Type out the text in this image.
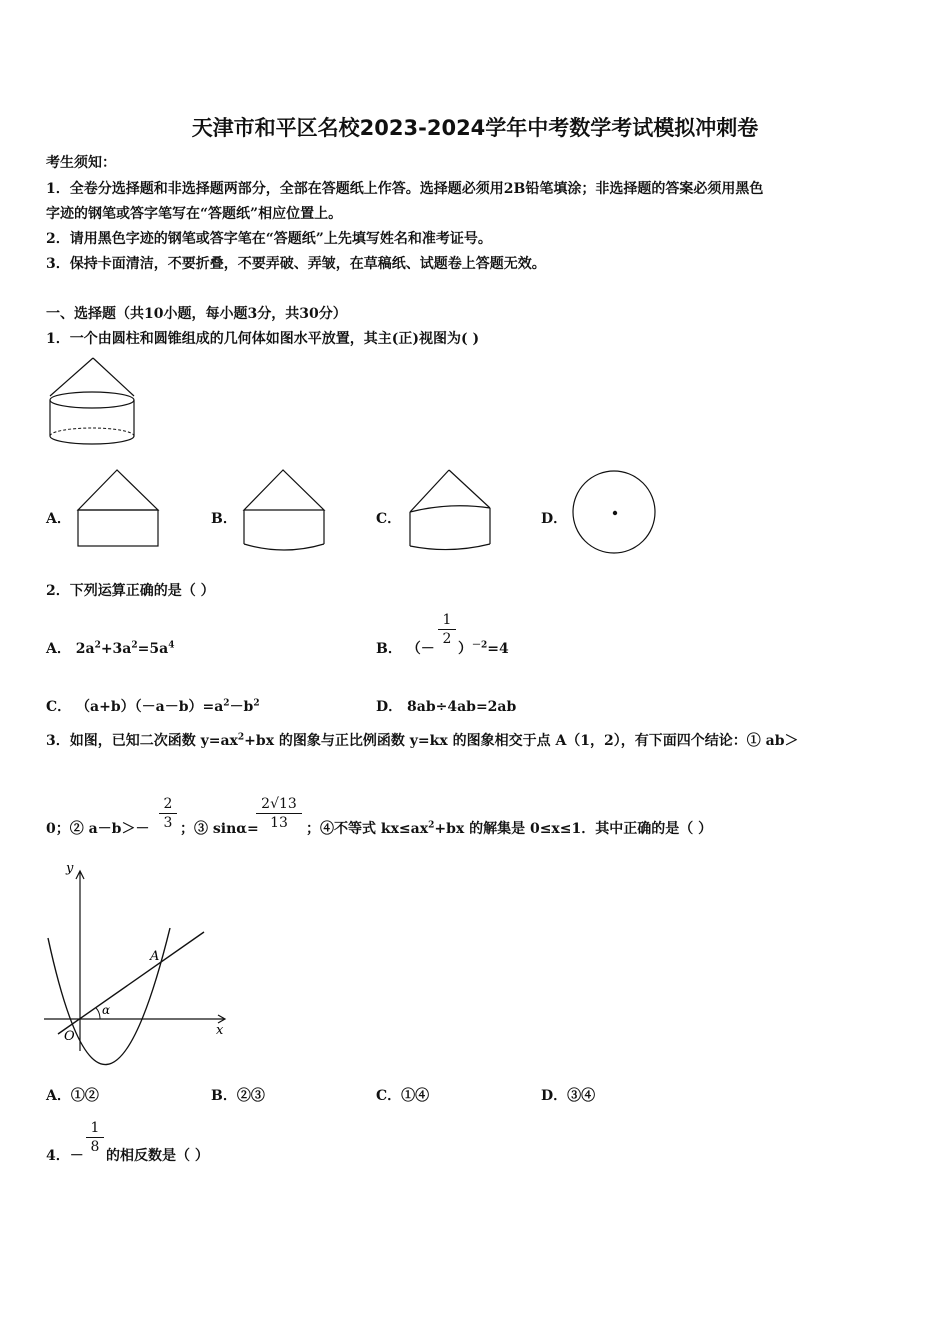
天津市和平区名校2023-2024学年中考数学考试模拟冲刺卷
考生须知：
1．全卷分选择题和非选择题两部分，全部在答题纸上作答。选择题必须用2B铅笔填涂；非选择题的答案必须用黑色
字迹的钢笔或答字笔写在“答题纸”相应位置上。
2．请用黑色字迹的钢笔或答字笔在“答题纸”上先填写姓名和准考证号。
3．保持卡面清洁，不要折叠，不要弄破、弄皱，在草稿纸、试题卷上答题无效。
一、选择题（共10小题，每小题3分，共30分）
1．一个由圆柱和圆锥组成的几何体如图水平放置，其主(正)视图为( )
A．	B．	C．	D．
2．下列运算正确的是（ ）
A． $2a^2+3a^2=5a^4$	B． （－
1
2
）$^{-2}$=4
C． $(a+b)(-a-b)=a^2-b^2$	D． 8ab÷4ab=2ab
3．如图，已知二次函数 $y=ax^2+bx$ 的图象与正比例函数 y=kx 的图象相交于点 A（1，2），有下面四个结论：① ab＞
0；② a－b＞－
2
3 ；③ sinα=
2√13
13	；④不等式 $kx\le ax^2+bx$ 的解集是 0≤x≤1．其中正确的是（ ）
y
x
O
A
α
A．①②	B．②③	C．①④	D．③④
4．－
1
8
的相反数是（ ）
